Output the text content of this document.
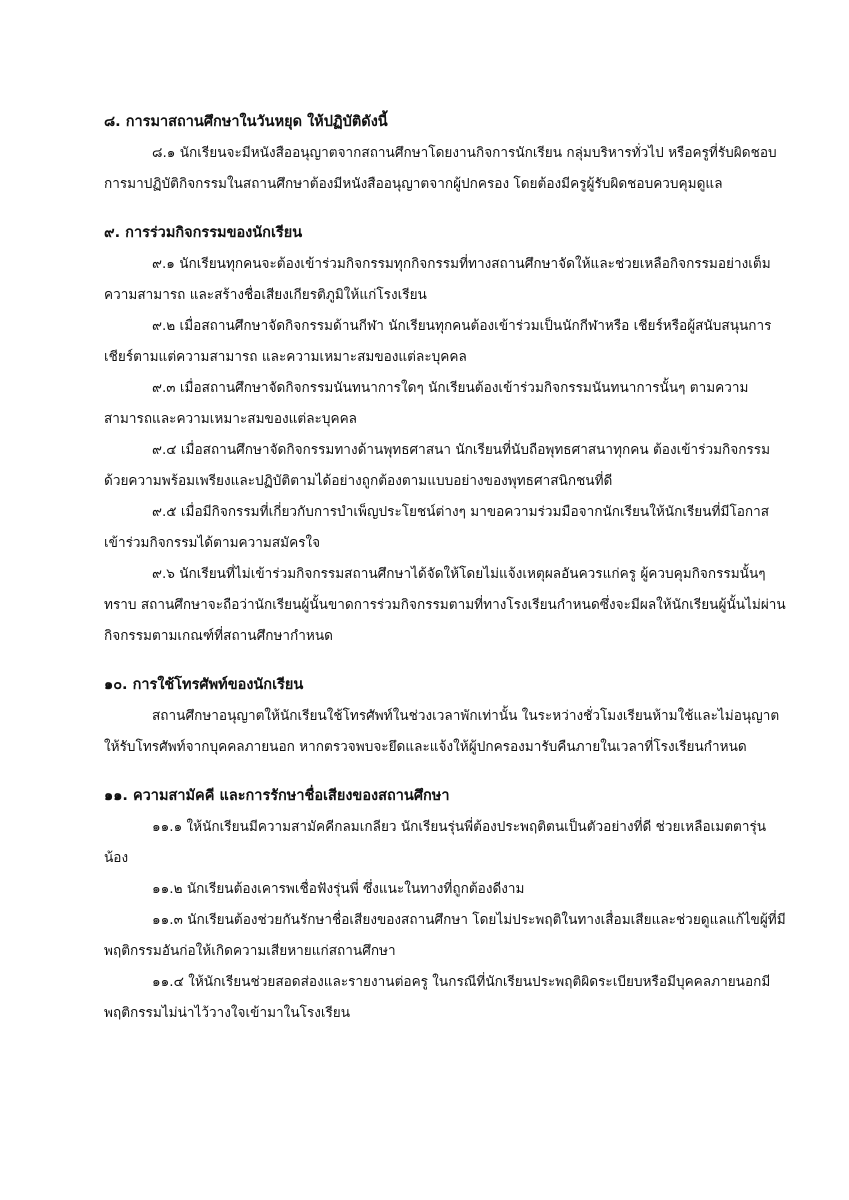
๘. การมาสถานศึกษาในวันหยุด ให้ปฏิบัติดังนี้

๘.๑ นักเรียนจะมีหนังสืออนุญาตจากสถานศึกษาโดยงานกิจการนักเรียน กลุ่มบริหารทั่วไป หรือครูที่รับผิดชอบ การมาปฏิบัติกิจกรรมในสถานศึกษาต้องมีหนังสืออนุญาตจากผู้ปกครอง โดยต้องมีครูผู้รับผิดชอบควบคุมดูแล

๙. การร่วมกิจกรรมของนักเรียน

๙.๑ นักเรียนทุกคนจะต้องเข้าร่วมกิจกรรมทุกกิจกรรมที่ทางสถานศึกษาจัดให้และช่วยเหลือกิจกรรมอย่างเต็มความสามารถ และสร้างชื่อเสียงเกียรติภูมิให้แก่โรงเรียน

๙.๒ เมื่อสถานศึกษาจัดกิจกรรมด้านกีฬา นักเรียนทุกคนต้องเข้าร่วมเป็นนักกีฬาหรือ เชียร์หรือผู้สนับสนุนการเชียร์ตามแต่ความสามารถ และความเหมาะสมของแต่ละบุคคล

๙.๓ เมื่อสถานศึกษาจัดกิจกรรมนันทนาการใดๆ นักเรียนต้องเข้าร่วมกิจกรรมนันทนาการนั้นๆ ตามความสามารถและความเหมาะสมของแต่ละบุคคล

๙.๔ เมื่อสถานศึกษาจัดกิจกรรมทางด้านพุทธศาสนา นักเรียนที่นับถือพุทธศาสนาทุกคน ต้องเข้าร่วมกิจกรรมด้วยความพร้อมเพรียงและปฏิบัติตามได้อย่างถูกต้องตามแบบอย่างของพุทธศาสนิกชนที่ดี

๙.๕ เมื่อมีกิจกรรมที่เกี่ยวกับการบำเพ็ญประโยชน์ต่างๆ มาขอความร่วมมือจากนักเรียนให้นักเรียนที่มีโอกาสเข้าร่วมกิจกรรมได้ตามความสมัครใจ

๙.๖ นักเรียนที่ไม่เข้าร่วมกิจกรรมสถานศึกษาได้จัดให้โดยไม่แจ้งเหตุผลอันควรแก่ครู ผู้ควบคุมกิจกรรมนั้นๆ ทราบ สถานศึกษาจะถือว่านักเรียนผู้นั้นขาดการร่วมกิจกรรมตามที่ทางโรงเรียนกำหนดซึ่งจะมีผลให้นักเรียนผู้นั้นไม่ผ่านกิจกรรมตามเกณฑ์ที่สถานศึกษากำหนด

๑๐. การใช้โทรศัพท์ของนักเรียน

สถานศึกษาอนุญาตให้นักเรียนใช้โทรศัพท์ในช่วงเวลาพักเท่านั้น ในระหว่างชั่วโมงเรียนห้ามใช้และไม่อนุญาตให้รับโทรศัพท์จากบุคคลภายนอก หากตรวจพบจะยึดและแจ้งให้ผู้ปกครองมารับคืนภายในเวลาที่โรงเรียนกำหนด

๑๑. ความสามัคคี และการรักษาชื่อเสียงของสถานศึกษา

๑๑.๑ ให้นักเรียนมีความสามัคคีกลมเกลียว นักเรียนรุ่นพี่ต้องประพฤติตนเป็นตัวอย่างที่ดี ช่วยเหลือเมตตารุ่นน้อง

๑๑.๒ นักเรียนต้องเคารพเชื่อฟังรุ่นพี่ ซึ่งแนะในทางที่ถูกต้องดีงาม

๑๑.๓ นักเรียนต้องช่วยกันรักษาชื่อเสียงของสถานศึกษา โดยไม่ประพฤติในทางเสื่อมเสียและช่วยดูแลแก้ไขผู้ที่มีพฤติกรรมอันก่อให้เกิดความเสียหายแก่สถานศึกษา

๑๑.๔ ให้นักเรียนช่วยสอดส่องและรายงานต่อครู ในกรณีที่นักเรียนประพฤติผิดระเบียบหรือมีบุคคลภายนอกมีพฤติกรรมไม่น่าไว้วางใจเข้ามาในโรงเรียน
